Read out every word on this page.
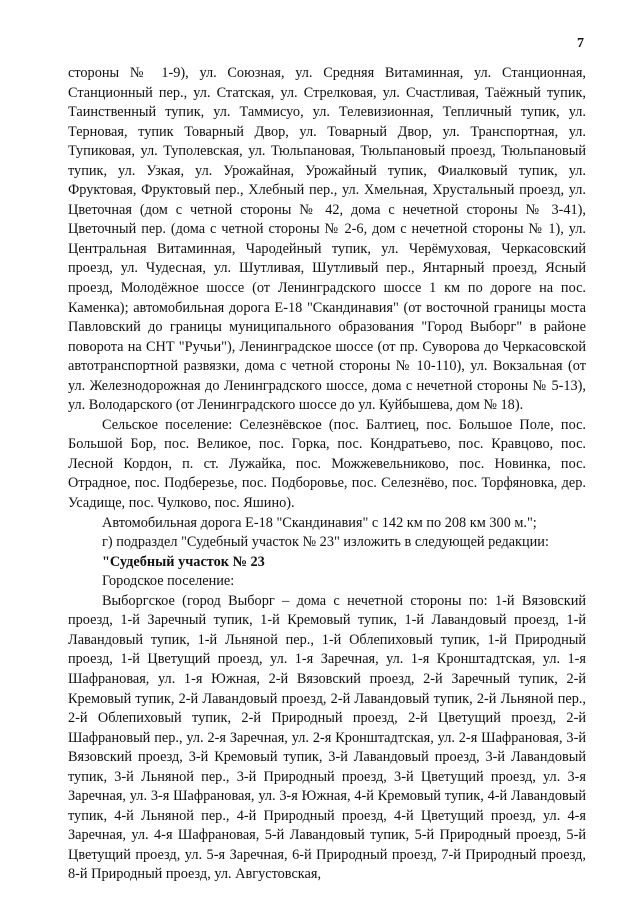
7

стороны № 1-9), ул. Союзная, ул. Средняя Витаминная, ул. Станционная, Станционный пер., ул. Статская, ул. Стрелковая, ул. Счастливая, Таёжный тупик, Таинственный тупик, ул. Таммисуо, ул. Телевизионная, Тепличный тупик, ул. Терновая, тупик Товарный Двор, ул. Товарный Двор, ул. Транспортная, ул. Тупиковая, ул. Туполевская, ул. Тюльпановая, Тюльпановый проезд, Тюльпановый тупик, ул. Узкая, ул. Урожайная, Урожайный тупик, Фиалковый тупик, ул. Фруктовая, Фруктовый пер., Хлебный пер., ул. Хмельная, Хрустальный проезд, ул. Цветочная (дом с четной стороны № 42, дома с нечетной стороны № 3-41), Цветочный пер. (дома с четной стороны № 2-6, дом с нечетной стороны № 1), ул. Центральная Витаминная, Чародейный тупик, ул. Черёмуховая, Черкасовский проезд, ул. Чудесная, ул. Шутливая, Шутливый пер., Янтарный проезд, Ясный проезд, Молодёжное шоссе (от Ленинградского шоссе 1 км по дороге на пос. Каменка); автомобильная дорога Е-18 "Скандинавия" (от восточной границы моста Павловский до границы муниципального образования "Город Выборг" в районе поворота на СНТ "Ручьи"), Ленинградское шоссе (от пр. Суворова до Черкасовской автотранспортной развязки, дома с четной стороны № 10-110), ул. Вокзальная (от ул. Железнодорожная до Ленинградского шоссе, дома с нечетной стороны № 5-13), ул. Володарского (от Ленинградского шоссе до ул. Куйбышева, дом № 18).

Сельское поселение: Селезнёвское (пос. Балтиец, пос. Большое Поле, пос. Большой Бор, пос. Великое, пос. Горка, пос. Кондратьево, пос. Кравцово, пос. Лесной Кордон, п. ст. Лужайка, пос. Можжевельниково, пос. Новинка, пос. Отрадное, пос. Подберезье, пос. Подборовье, пос. Селезнёво, пос. Торфяновка, дер. Усадище, пос. Чулково, пос. Яшино).

Автомобильная дорога Е-18 "Скандинавия" с 142 км по 208 км 300 м.";

г) подраздел "Судебный участок № 23" изложить в следующей редакции:

"Судебный участок № 23

Городское поселение:

Выборгское (город Выборг – дома с нечетной стороны по: 1-й Вязовский проезд, 1-й Заречный тупик, 1-й Кремовый тупик, 1-й Лавандовый проезд, 1-й Лавандовый тупик, 1-й Льняной пер., 1-й Облепиховый тупик, 1-й Природный проезд, 1-й Цветущий проезд, ул. 1-я Заречная, ул. 1-я Кронштадтская, ул. 1-я Шафрановая, ул. 1-я Южная, 2-й Вязовский проезд, 2-й Заречный тупик, 2-й Кремовый тупик, 2-й Лавандовый проезд, 2-й Лавандовый тупик, 2-й Льняной пер., 2-й Облепиховый тупик, 2-й Природный проезд, 2-й Цветущий проезд, 2-й Шафрановый пер., ул. 2-я Заречная, ул. 2-я Кронштадтская, ул. 2-я Шафрановая, 3-й Вязовский проезд, 3-й Кремовый тупик, 3-й Лавандовый проезд, 3-й Лавандовый тупик, 3-й Льняной пер., 3-й Природный проезд, 3-й Цветущий проезд, ул. 3-я Заречная, ул. 3-я Шафрановая, ул. 3-я Южная, 4-й Кремовый тупик, 4-й Лавандовый тупик, 4-й Льняной пер., 4-й Природный проезд, 4-й Цветущий проезд, ул. 4-я Заречная, ул. 4-я Шафрановая, 5-й Лавандовый тупик, 5-й Природный проезд, 5-й Цветущий проезд, ул. 5-я Заречная, 6-й Природный проезд, 7-й Природный проезд, 8-й Природный проезд, ул. Августовская,
